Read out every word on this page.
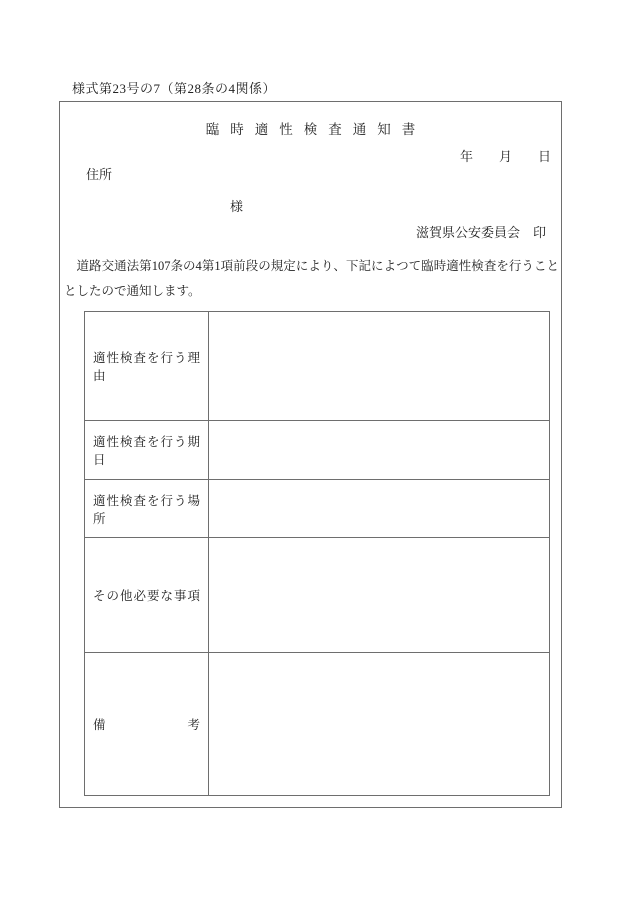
様式第23号の7（第28条の4関係）
臨時適性検査通知書
年　　月　　日
住所
様
滋賀県公安委員会 印
道路交通法第107条の4第1項前段の規定により、下記によつて臨時適性検査を行うこととしたので通知します。
適性検査を行う理由	
適性検査を行う期日	
適性検査を行う場所	
その他必要な事項	
備考	
